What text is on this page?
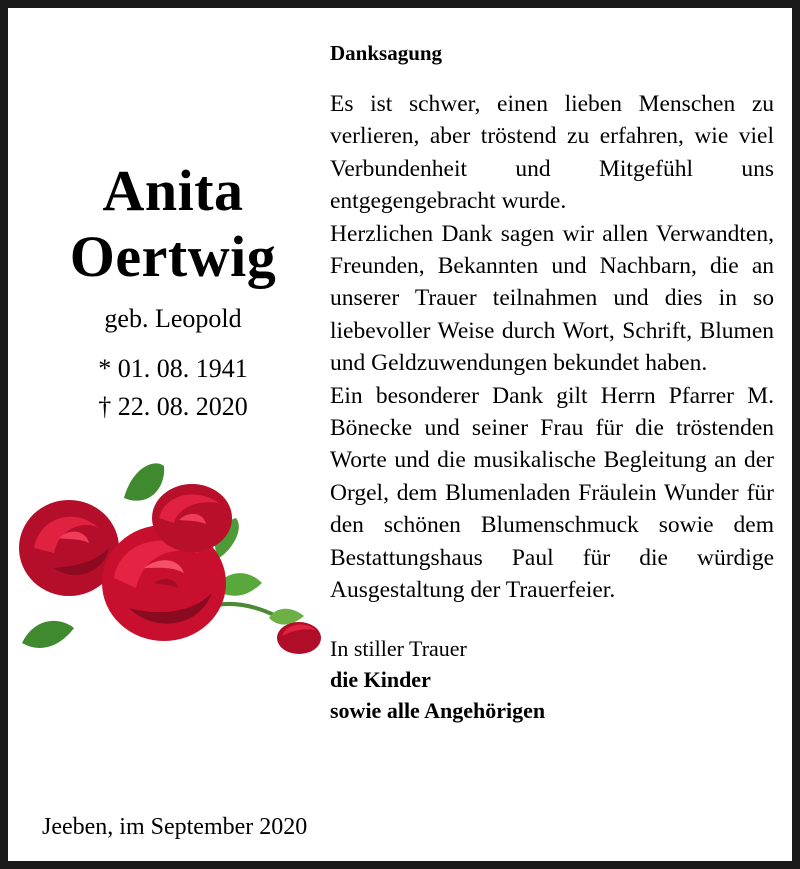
Anita
Oertwig
geb. Leopold
* 01. 08. 1941
† 22. 08. 2020
Danksagung

Es ist schwer, einen lieben Menschen zu verlieren, aber tröstend zu erfahren, wie viel Verbundenheit und Mitgefühl uns entgegengebracht wurde.

Herzlichen Dank sagen wir allen Verwandten, Freunden, Bekannten und Nachbarn, die an unserer Trauer teilnahmen und dies in so liebevoller Weise durch Wort, Schrift, Blumen und Geldzuwendungen bekundet haben.

Ein besonderer Dank gilt Herrn Pfarrer M. Bönecke und seiner Frau für die tröstenden Worte und die musikalische Begleitung an der Orgel, dem Blumenladen Fräulein Wunder für den schönen Blumenschmuck sowie dem Bestattungshaus Paul für die würdige Ausgestaltung der Trauerfeier.

In stiller Trauer
die Kinder
sowie alle Angehörigen
Jeeben, im September 2020
